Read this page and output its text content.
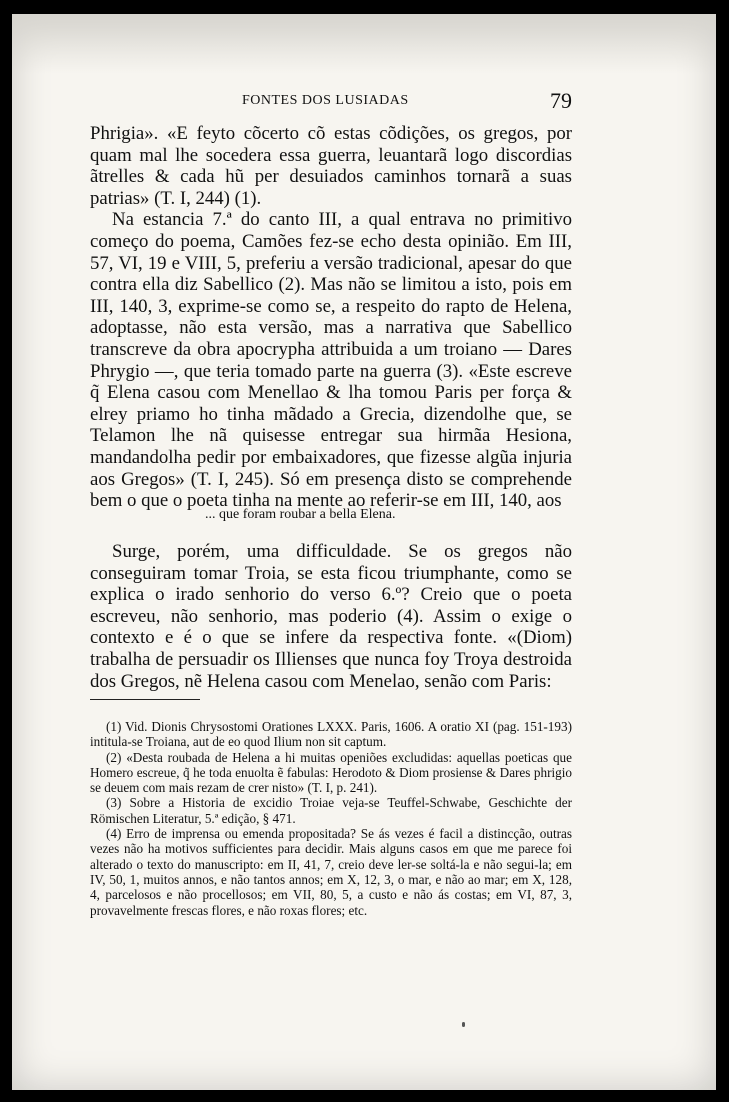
FONTES DOS LUSIADAS	79

Phrigia». «E feyto cõcerto cõ estas cõdições, os gregos, por quam mal lhe socedera essa guerra, leuantarã logo discordias ãtrelles & cada hũ per desuiados caminhos tornarã a suas patrias» (T. I, 244) (1).

Na estancia 7.ª do canto III, a qual entrava no primitivo começo do poema, Camões fez-se echo desta opinião. Em III, 57, VI, 19 e VIII, 5, preferiu a versão tradicional, apesar do que contra ella diz Sabellico (2). Mas não se limitou a isto, pois em III, 140, 3, exprime-se como se, a respeito do rapto de Helena, adoptasse, não esta versão, mas a narrativa que Sabellico transcreve da obra apocrypha attribuida a um troiano — Dares Phrygio —, que teria tomado parte na guerra (3). «Este escreve q̃ Elena casou com Menellao & lha tomou Paris per força & elrey priamo ho tinha mãdado a Grecia, dizendolhe que, se Telamon lhe nã quisesse entregar sua hirmãa Hesiona, mandandolha pedir por embaixadores, que fizesse algũa injuria aos Gregos» (T. I, 245). Só em presença disto se comprehende bem o que o poeta tinha na mente ao referir-se em III, 140, aos

... que foram roubar a bella Elena.

Surge, porém, uma difficuldade. Se os gregos não conseguiram tomar Troia, se esta ficou triumphante, como se explica o irado senhorio do verso 6.º? Creio que o poeta escreveu, não senhorio, mas poderio (4). Assim o exige o contexto e é o que se infere da respectiva fonte. «(Diom) trabalha de persuadir os Illienses que nunca foy Troya destroida dos Gregos, nẽ Helena casou com Menelao, senão com Paris:

(1) Vid. Dionis Chrysostomi Orationes LXXX. Paris, 1606. A oratio XI (pag. 151-193) intitula-se Troiana, aut de eo quod Ilium non sit captum.

(2) «Desta roubada de Helena a hi muitas openiões excludidas: aquellas poeticas que Homero escreue, q̃ he toda enuolta ẽ fabulas: Herodoto & Diom prosiense & Dares phrigio se deuem com mais rezam de crer nisto» (T. I, p. 241).

(3) Sobre a Historia de excidio Troiae veja-se Teuffel-Schwabe, Geschichte der Römischen Literatur, 5.ª edição, § 471.

(4) Erro de imprensa ou emenda propositada? Se ás vezes é facil a distincção, outras vezes não ha motivos sufficientes para decidir. Mais alguns casos em que me parece foi alterado o texto do manuscripto: em II, 41, 7, creio deve ler-se soltá-la e não segui-la; em IV, 50, 1, muitos annos, e não tantos annos; em X, 12, 3, o mar, e não ao mar; em X, 128, 4, parcelosos e não procellosos; em VII, 80, 5, a custo e não ás costas; em VI, 87, 3, provavelmente frescas flores, e não roxas flores; etc.
